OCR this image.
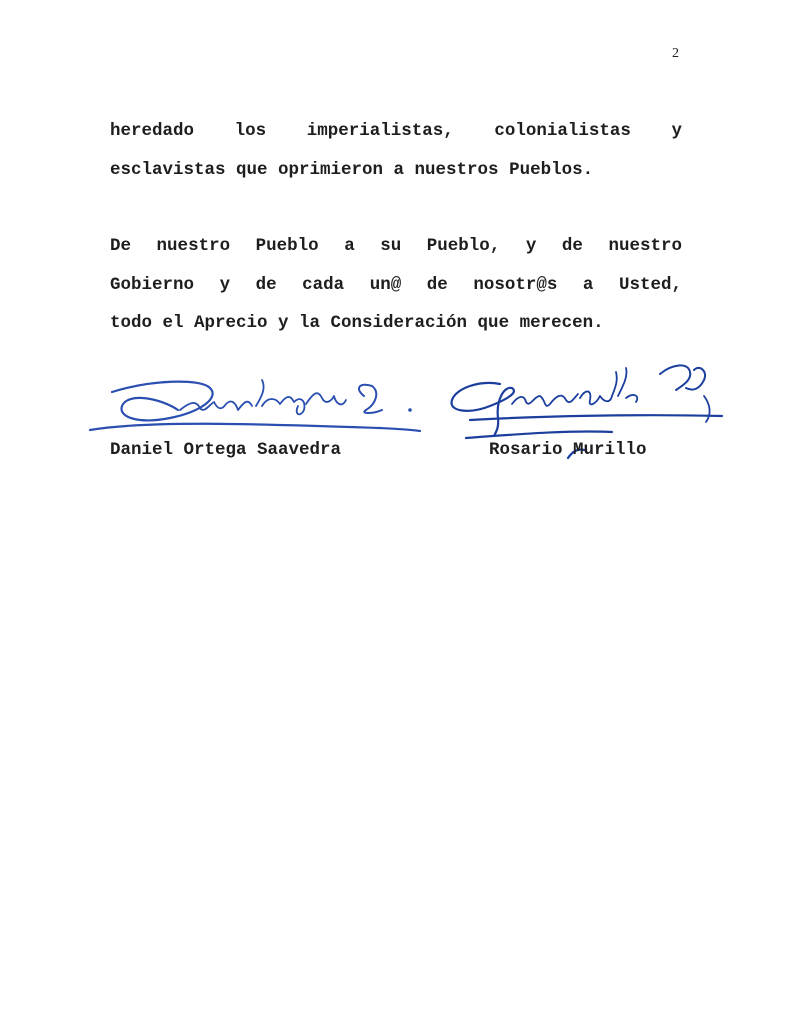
2
heredado los imperialistas, colonialistas y
esclavistas que oprimieron a nuestros Pueblos.
De nuestro Pueblo a su Pueblo, y de nuestro
Gobierno y de cada un@ de nosotr@s a Usted,
todo el Aprecio y la Consideración que merecen.
Daniel Ortega Saavedra	Rosario Murillo
